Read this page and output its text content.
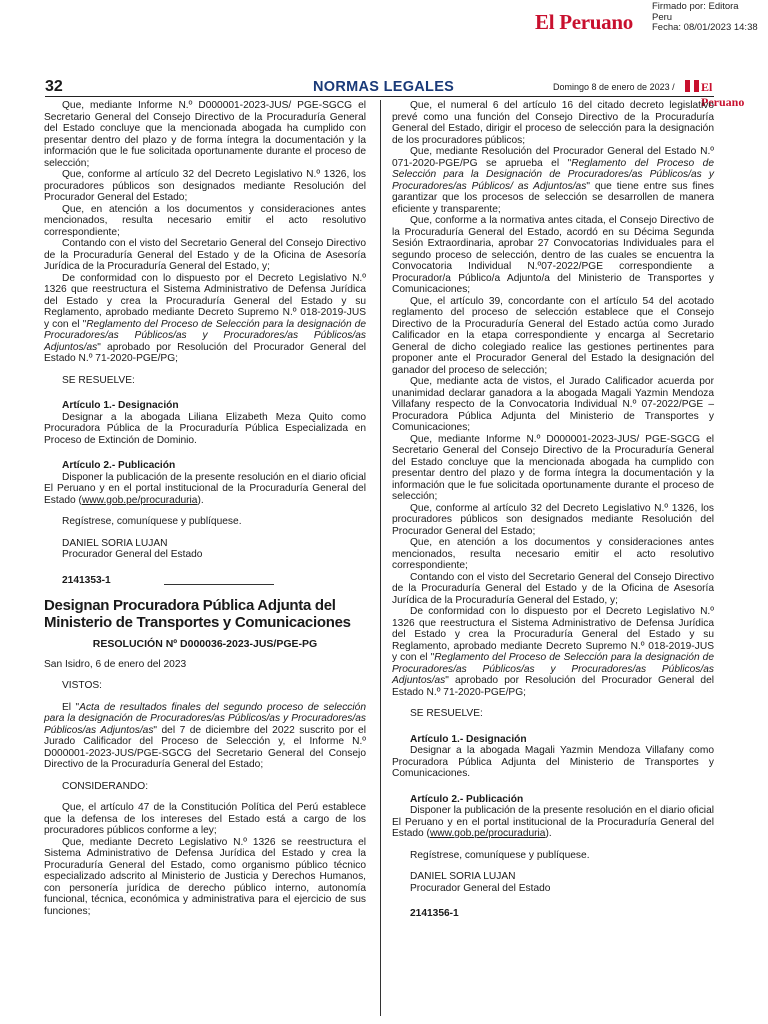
El Peruano
Firmado por: Editora
Peru
Fecha: 08/01/2023 14:38
32	NORMAS LEGALES	Domingo 8 de enero de 2023 / El Peruano

Que, mediante Informe N.º D000001-2023-JUS/ PGE-SGCG el Secretario General del Consejo Directivo de la Procuraduría General del Estado concluye que la mencionada abogada ha cumplido con presentar dentro del plazo y de forma íntegra la documentación y la información que le fue solicitada oportunamente durante el proceso de selección;

Que, conforme al artículo 32 del Decreto Legislativo N.º 1326, los procuradores públicos son designados mediante Resolución del Procurador General del Estado;

Que, en atención a los documentos y consideraciones antes mencionados, resulta necesario emitir el acto resolutivo correspondiente;

Contando con el visto del Secretario General del Consejo Directivo de la Procuraduría General del Estado y de la Oficina de Asesoría Jurídica de la Procuraduría General del Estado, y;

De conformidad con lo dispuesto por el Decreto Legislativo N.º 1326 que reestructura el Sistema Administrativo de Defensa Jurídica del Estado y crea la Procuraduría General del Estado y su Reglamento, aprobado mediante Decreto Supremo N.º 018-2019-JUS y con el "Reglamento del Proceso de Selección para la designación de Procuradores/as Públicos/as y Procuradores/as Públicos/as Adjuntos/as" aprobado por Resolución del Procurador General del Estado N.º 71-2020-PGE/PG;

SE RESUELVE:

Artículo 1.- Designación

Designar a la abogada Liliana Elizabeth Meza Quito como Procuradora Pública de la Procuraduría Pública Especializada en Proceso de Extinción de Dominio.

Artículo 2.- Publicación

Disponer la publicación de la presente resolución en el diario oficial El Peruano y en el portal institucional de la Procuraduría General del Estado (www.gob.pe/procuraduria).

Regístrese, comuníquese y publíquese.

DANIEL SORIA LUJAN

Procurador General del Estado

2141353-1

Designan Procuradora Pública Adjunta del Ministerio de Transportes y Comunicaciones
RESOLUCIÓN Nº D000036-2023-JUS/PGE-PG

San Isidro, 6 de enero del 2023

VISTOS:

El "Acta de resultados finales del segundo proceso de selección para la designación de Procuradores/as Públicos/as y Procuradores/as Públicos/as Adjuntos/as" del 7 de diciembre del 2022 suscrito por el Jurado Calificador del Proceso de Selección y, el Informe N.º D000001-2023-JUS/PGE-SGCG del Secretario General del Consejo Directivo de la Procuraduría General del Estado;

CONSIDERANDO:

Que, el artículo 47 de la Constitución Política del Perú establece que la defensa de los intereses del Estado está a cargo de los procuradores públicos conforme a ley;

Que, mediante Decreto Legislativo N.º 1326 se reestructura el Sistema Administrativo de Defensa Jurídica del Estado y crea la Procuraduría General del Estado, como organismo público técnico especializado adscrito al Ministerio de Justicia y Derechos Humanos, con personería jurídica de derecho público interno, autonomía funcional, técnica, económica y administrativa para el ejercicio de sus funciones;

Que, el numeral 6 del artículo 16 del citado decreto legislativo prevé como una función del Consejo Directivo de la Procuraduría General del Estado, dirigir el proceso de selección para la designación de los procuradores públicos;

Que, mediante Resolución del Procurador General del Estado N.º 071-2020-PGE/PG se aprueba el "Reglamento del Proceso de Selección para la Designación de Procuradores/as Públicos/as y Procuradores/as Públicos/ as Adjuntos/as" que tiene entre sus fines garantizar que los procesos de selección se desarrollen de manera eficiente y transparente;

Que, conforme a la normativa antes citada, el Consejo Directivo de la Procuraduría General del Estado, acordó en su Décima Segunda Sesión Extraordinaria, aprobar 27 Convocatorias Individuales para el segundo proceso de selección, dentro de las cuales se encuentra la Convocatoria Individual N.º07-2022/PGE correspondiente a Procurador/a Público/a Adjunto/a del Ministerio de Transportes y Comunicaciones;

Que, el artículo 39, concordante con el artículo 54 del acotado reglamento del proceso de selección establece que el Consejo Directivo de la Procuraduría General del Estado actúa como Jurado Calificador en la etapa correspondiente y encarga al Secretario General de dicho colegiado realice las gestiones pertinentes para proponer ante el Procurador General del Estado la designación del ganador del proceso de selección;

Que, mediante acta de vistos, el Jurado Calificador acuerda por unanimidad declarar ganadora a la abogada Magali Yazmin Mendoza Villafany respecto de la Convocatoria Individual N.º 07-2022/PGE – Procuradora Pública Adjunta del Ministerio de Transportes y Comunicaciones;

Que, mediante Informe N.º D000001-2023-JUS/ PGE-SGCG el Secretario General del Consejo Directivo de la Procuraduría General del Estado concluye que la mencionada abogada ha cumplido con presentar dentro del plazo y de forma íntegra la documentación y la información que le fue solicitada oportunamente durante el proceso de selección;

Que, conforme al artículo 32 del Decreto Legislativo N.º 1326, los procuradores públicos son designados mediante Resolución del Procurador General del Estado;

Que, en atención a los documentos y consideraciones antes mencionados, resulta necesario emitir el acto resolutivo correspondiente;

Contando con el visto del Secretario General del Consejo Directivo de la Procuraduría General del Estado y de la Oficina de Asesoría Jurídica de la Procuraduría General del Estado, y;

De conformidad con lo dispuesto por el Decreto Legislativo N.º 1326 que reestructura el Sistema Administrativo de Defensa Jurídica del Estado y crea la Procuraduría General del Estado y su Reglamento, aprobado mediante Decreto Supremo N.º 018-2019-JUS y con el "Reglamento del Proceso de Selección para la designación de Procuradores/as Públicos/as y Procuradores/as Públicos/as Adjuntos/as" aprobado por Resolución del Procurador General del Estado N.º 71-2020-PGE/PG;

SE RESUELVE:

Artículo 1.- Designación

Designar a la abogada Magali Yazmin Mendoza Villafany como Procuradora Pública Adjunta del Ministerio de Transportes y Comunicaciones.

Artículo 2.- Publicación

Disponer la publicación de la presente resolución en el diario oficial El Peruano y en el portal institucional de la Procuraduría General del Estado (www.gob.pe/procuraduria).

Regístrese, comuníquese y publíquese.

DANIEL SORIA LUJAN

Procurador General del Estado

2141356-1
